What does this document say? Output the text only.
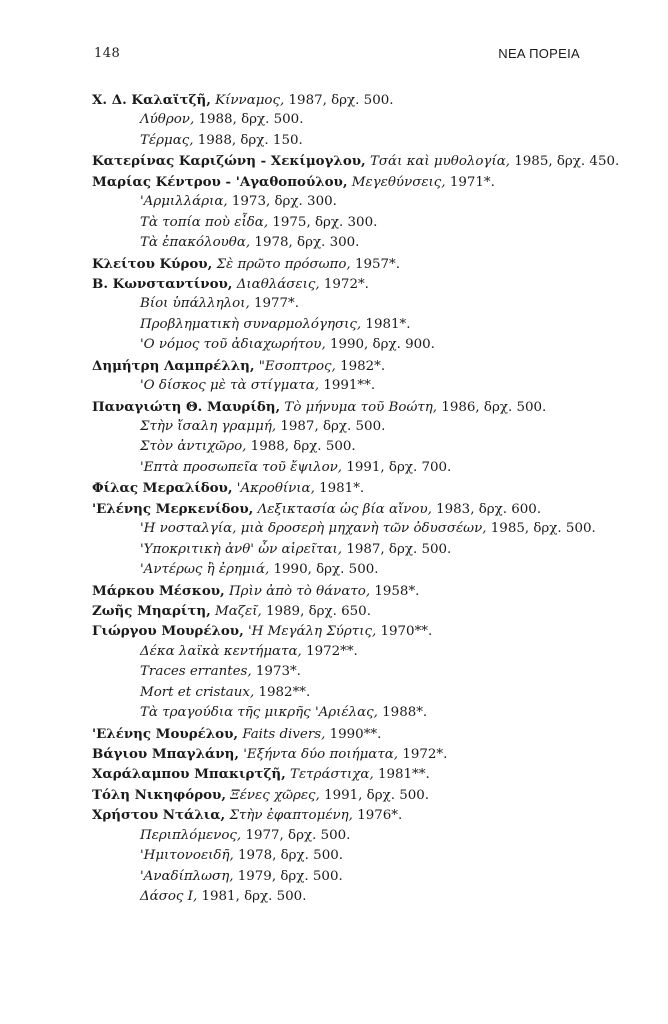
148	ΝΕΑ ΠΟΡΕΙΑ
Χ. Δ. Καλαϊτζῆ, Κίνναμος, 1987, δρχ. 500.
Λύθρον, 1988, δρχ. 500.
Τέρμας, 1988, δρχ. 150.
Κατερίνας Καριζώνη - Χεκίμογλου, Τσάι καὶ μυθολογία, 1985, δρχ. 450.
Μαρίας Κέντρου - 'Αγαθοπούλου, Μεγεθύνσεις, 1971*.
'Αρμιλλάρια, 1973, δρχ. 300.
Τὰ τοπία ποὺ εἶδα, 1975, δρχ. 300.
Τὰ ἐπακόλουθα, 1978, δρχ. 300.
Κλείτου Κύρου, Σὲ πρῶτο πρόσωπο, 1957*.
Β. Κωνσταντίνου, Διαθλάσεις, 1972*.
Βίοι ὑπάλληλοι, 1977*.
Προβληματικὴ συναρμολόγησις, 1981*.
'Ο νόμος τοῦ ἀδιαχωρήτου, 1990, δρχ. 900.
Δημήτρη Λαμπρέλλη, "Εσοπτρος, 1982*.
'Ο δίσκος μὲ τὰ στίγματα, 1991**.
Παναγιώτη Θ. Μαυρίδη, Τὸ μήνυμα τοῦ Βοώτη, 1986, δρχ. 500.
Στὴν ἴσαλη γραμμή, 1987, δρχ. 500.
Στὸν ἀντιχῶρο, 1988, δρχ. 500.
'Επτὰ προσωπεῖα τοῦ ἔψιλον, 1991, δρχ. 700.
Φίλας Μεραλίδου, 'Ακροθίνια, 1981*.
'Ελένης Μερκενίδου, Λεξικτασία ὡς βία αἴνου, 1983, δρχ. 600.
'Η νοσταλγία, μιὰ δροσερὴ μηχανὴ τῶν ὀδυσσέων, 1985, δρχ. 500.
'Υποκριτικὴ ἀνθ' ὧν αἱρεῖται, 1987, δρχ. 500.
'Αντέρως ἢ ἐρημιά, 1990, δρχ. 500.
Μάρκου Μέσκου, Πρὶν ἀπὸ τὸ θάνατο, 1958*.
Ζωῆς Μηαρίτη, Μαζεῖ, 1989, δρχ. 650.
Γιώργου Μουρέλου, 'Η Μεγάλη Σύρτις, 1970**.
Δέκα λαϊκὰ κεντήματα, 1972**.
Traces errantes, 1973*.
Mort et cristaux, 1982**.
Τὰ τραγούδια τῆς μικρῆς 'Αριέλας, 1988*.
'Ελένης Μουρέλου, Faits divers, 1990**.
Βάγιου Μπαγλάνη, 'Εξήντα δύο ποιήματα, 1972*.
Χαράλαμπου Μπακιρτζῆ, Τετράστιχα, 1981**.
Τόλη Νικηφόρου, Ξένες χῶρες, 1991, δρχ. 500.
Χρήστου Ντάλια, Στὴν ἐφαπτομένη, 1976*.
Περιπλόμενος, 1977, δρχ. 500.
'Ημιτονοειδῆ, 1978, δρχ. 500.
'Αναδίπλωση, 1979, δρχ. 500.
Δάσος Ι, 1981, δρχ. 500.
